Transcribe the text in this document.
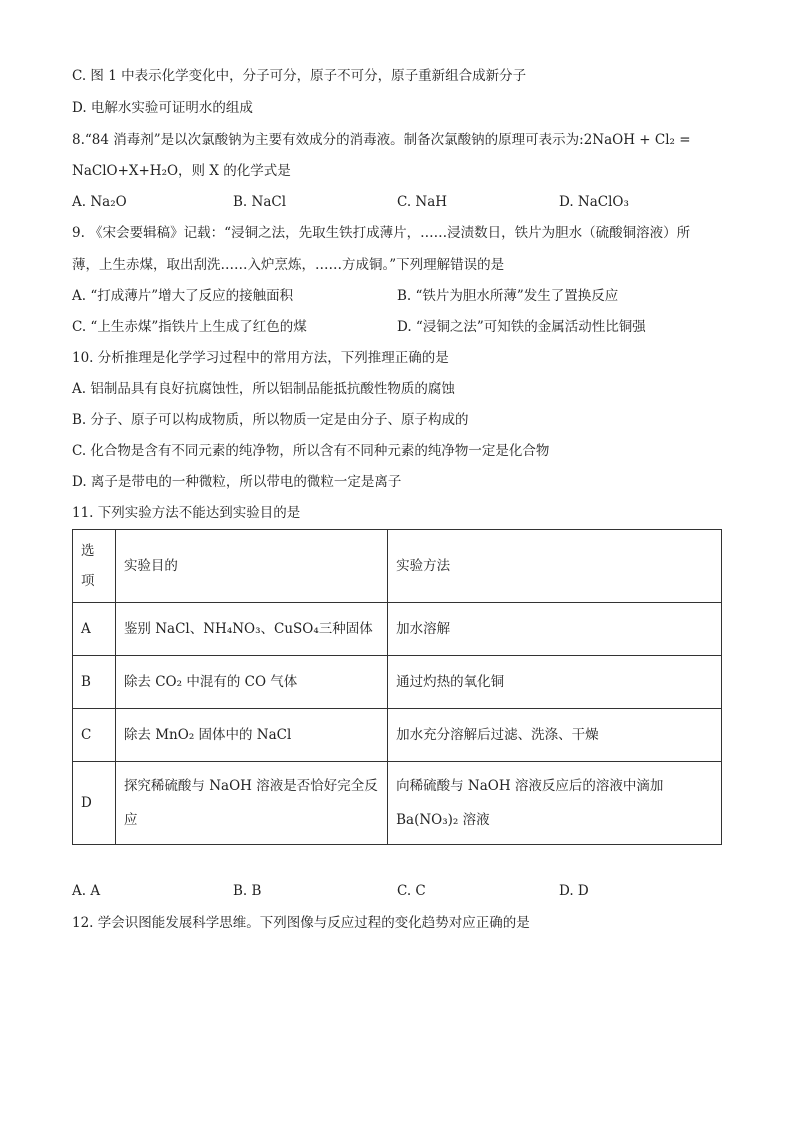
C. 图 1 中表示化学变化中，分子可分，原子不可分，原子重新组合成新分子
D. 电解水实验可证明水的组成
8.“84 消毒剂”是以次氯酸钠为主要有效成分的消毒液。制备次氯酸钠的原理可表示为:2NaOH + Cl₂ =
NaClO+X+H₂O，则 X 的化学式是
A. Na₂O	B. NaCl	C. NaH	D. NaClO₃
9. 《宋会要辑稿》记载：“浸铜之法，先取生铁打成薄片，……浸渍数日，铁片为胆水（硫酸铜溶液）所
薄，上生赤煤，取出刮洗……入炉烹炼，……方成铜。”下列理解错误的是
A. “打成薄片”增大了反应的接触面积	B. “铁片为胆水所薄”发生了置换反应
C. “上生赤煤”指铁片上生成了红色的煤	D. “浸铜之法”可知铁的金属活动性比铜强
10. 分析推理是化学学习过程中的常用方法，下列推理正确的是
A. 铝制品具有良好抗腐蚀性，所以铝制品能抵抗酸性物质的腐蚀
B. 分子、原子可以构成物质，所以物质一定是由分子、原子构成的
C. 化合物是含有不同元素的纯净物，所以含有不同种元素的纯净物一定是化合物
D. 离子是带电的一种微粒，所以带电的微粒一定是离子
11. 下列实验方法不能达到实验目的是
选
项	实验目的	实验方法
A	鉴别 NaCl、NH₄NO₃、CuSO₄三种固体	加水溶解
B	除去 CO₂ 中混有的 CO 气体	通过灼热的氧化铜
C	除去 MnO₂ 固体中的 NaCl	加水充分溶解后过滤、洗涤、干燥
D	探究稀硫酸与 NaOH 溶液是否恰好完全反应	向稀硫酸与 NaOH 溶液反应后的溶液中滴加 Ba(NO₃)₂ 溶液
A. A	B. B	C. C	D. D
12. 学会识图能发展科学思维。下列图像与反应过程的变化趋势对应正确的是
